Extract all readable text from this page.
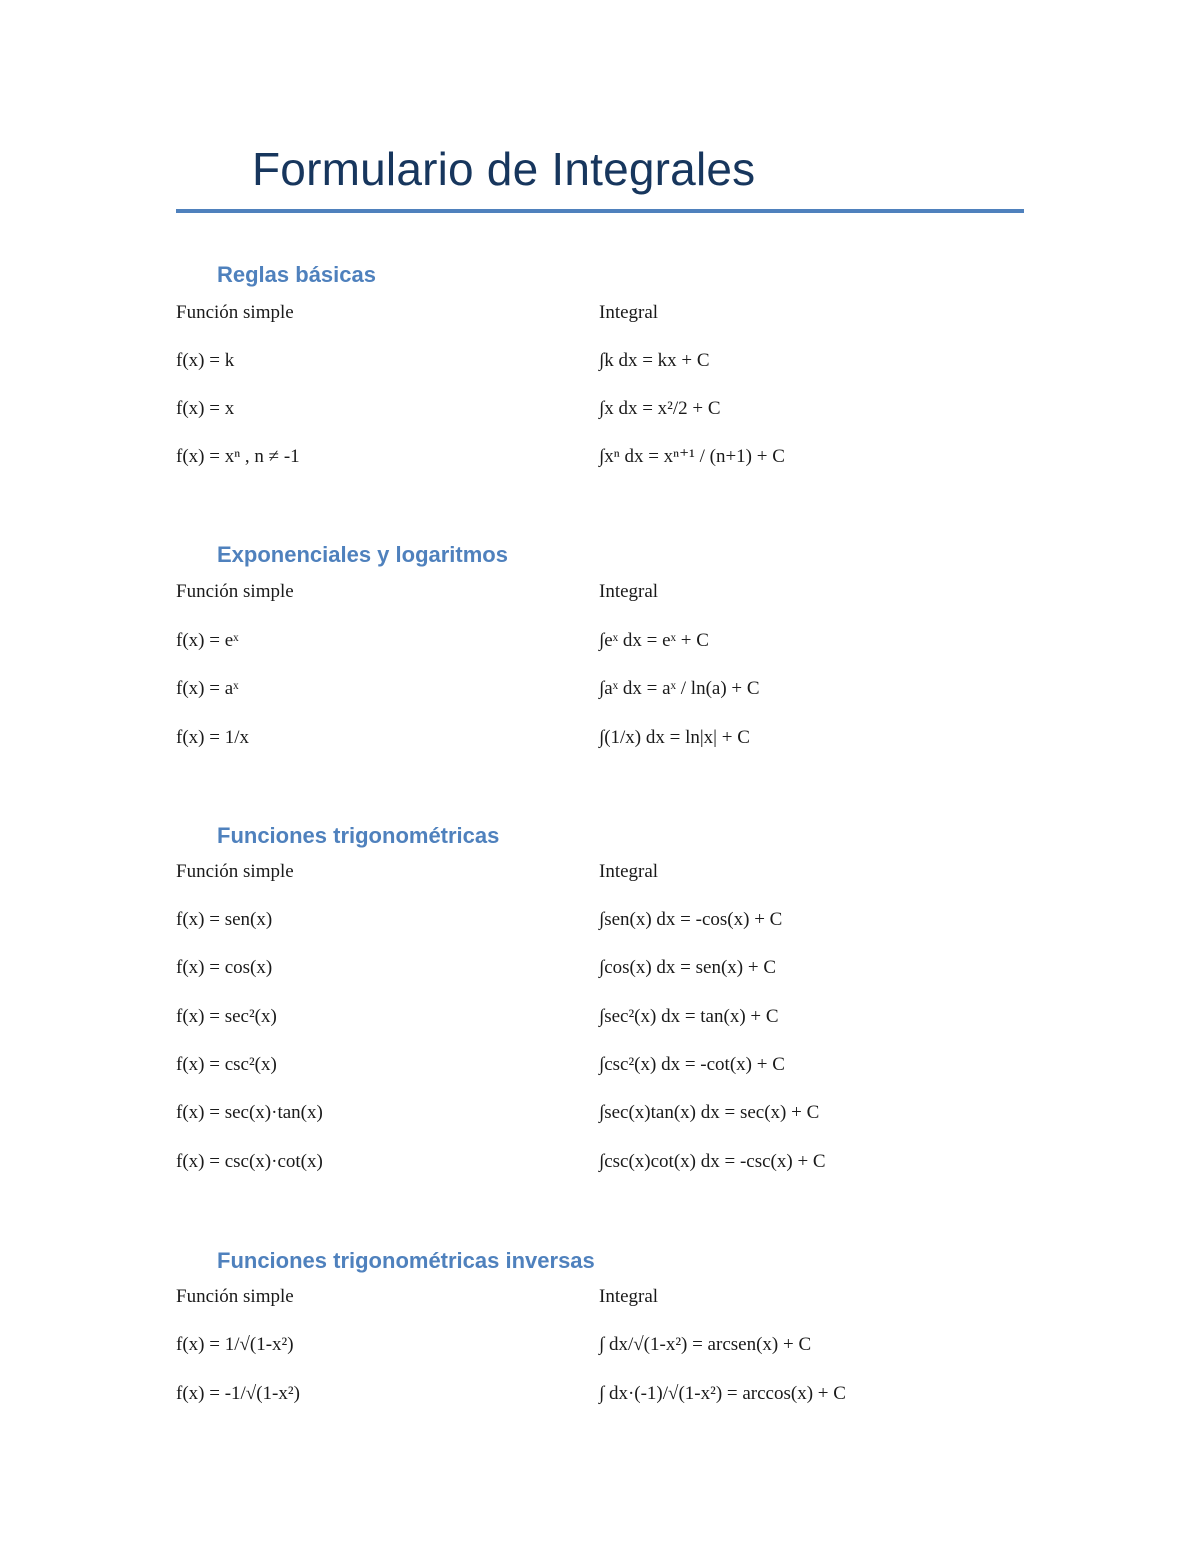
Formulario de Integrales
Reglas básicas
Función simple	Integral
f(x) = k	∫k dx = kx + C
f(x) = x	∫x dx = x²/2 + C
f(x) = xⁿ , n ≠ -1	∫xⁿ dx = xⁿ⁺¹ / (n+1) + C
Exponenciales y logaritmos
Función simple	Integral
f(x) = eˣ	∫eˣ dx = eˣ + C
f(x) = aˣ	∫aˣ dx = aˣ / ln(a) + C
f(x) = 1/x	∫(1/x) dx = ln|x| + C
Funciones trigonométricas
Función simple	Integral
f(x) = sen(x)	∫sen(x) dx = -cos(x) + C
f(x) = cos(x)	∫cos(x) dx = sen(x) + C
f(x) = sec²(x)	∫sec²(x) dx = tan(x) + C
f(x) = csc²(x)	∫csc²(x) dx = -cot(x) + C
f(x) = sec(x)·tan(x)	∫sec(x)tan(x) dx = sec(x) + C
f(x) = csc(x)·cot(x)	∫csc(x)cot(x) dx = -csc(x) + C
Funciones trigonométricas inversas
Función simple	Integral
f(x) = 1/√(1-x²)	∫ dx/√(1-x²) = arcsen(x) + C
f(x) = -1/√(1-x²)	∫ dx·(-1)/√(1-x²) = arccos(x) + C
